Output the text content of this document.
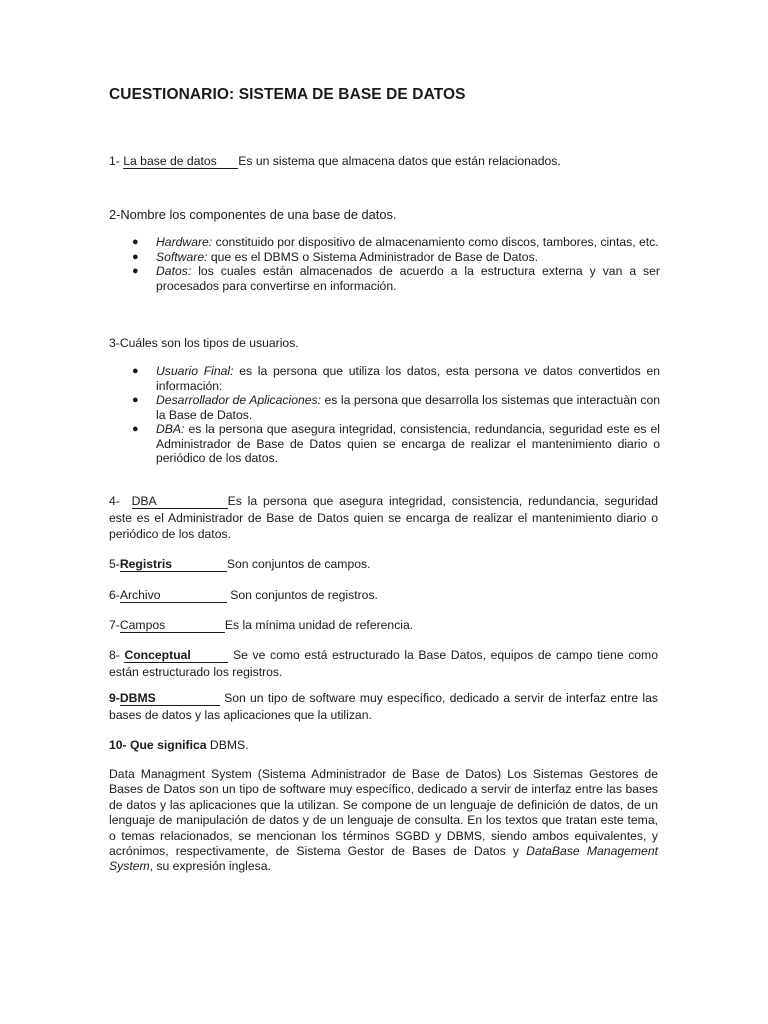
CUESTIONARIO: SISTEMA DE BASE DE DATOS
1- La base de datos Es un sistema que almacena datos que están relacionados.
2-Nombre los componentes de una base de datos.
● Hardware: constituido por dispositivo de almacenamiento como discos, tambores, cintas, etc.
● Software: que es el DBMS o Sistema Administrador de Base de Datos.
● Datos: los cuales están almacenados de acuerdo a la estructura externa y van a ser procesados para convertirse en información.
3-Cuáles son los tipos de usuarios.
● Usuario Final: es la persona que utiliza los datos, esta persona ve datos convertidos en información:
● Desarrollador de Aplicaciones: es la persona que desarrolla los sistemas que interactuàn con la Base de Datos.
● DBA: es la persona que asegura integridad, consistencia, redundancia, seguridad este es el Administrador de Base de Datos quien se encarga de realizar el mantenimiento diario o periódico de los datos.
4- DBA	Es la persona que asegura integridad, consistencia, redundancia, seguridad este es el Administrador de Base de Datos quien se encarga de realizar el mantenimiento diario o periódico de los datos.
5-Registris	Son conjuntos de campos.
6-Archivo	Son conjuntos de registros.
7-Campos	Es la mínima unidad de referencia.
8- Conceptual	Se ve como está estructurado la Base Datos, equipos de campo tiene como están estructurado los registros.
9-DBMS	Son un tipo de software muy específico, dedicado a servir de interfaz entre las bases de datos y las aplicaciones que la utilizan.
10- Que significa DBMS.
Data Managment System (Sistema Administrador de Base de Datos) Los Sistemas Gestores de Bases de Datos son un tipo de software muy específico, dedicado a servir de interfaz entre las bases de datos y las aplicaciones que la utilizan. Se compone de un lenguaje de definición de datos, de un lenguaje de manipulación de datos y de un lenguaje de consulta. En los textos que tratan este tema, o temas relacionados, se mencionan los términos SGBD y DBMS, siendo ambos equivalentes, y acrónimos, respectivamente, de Sistema Gestor de Bases de Datos y DataBase Management System, su expresión inglesa.
